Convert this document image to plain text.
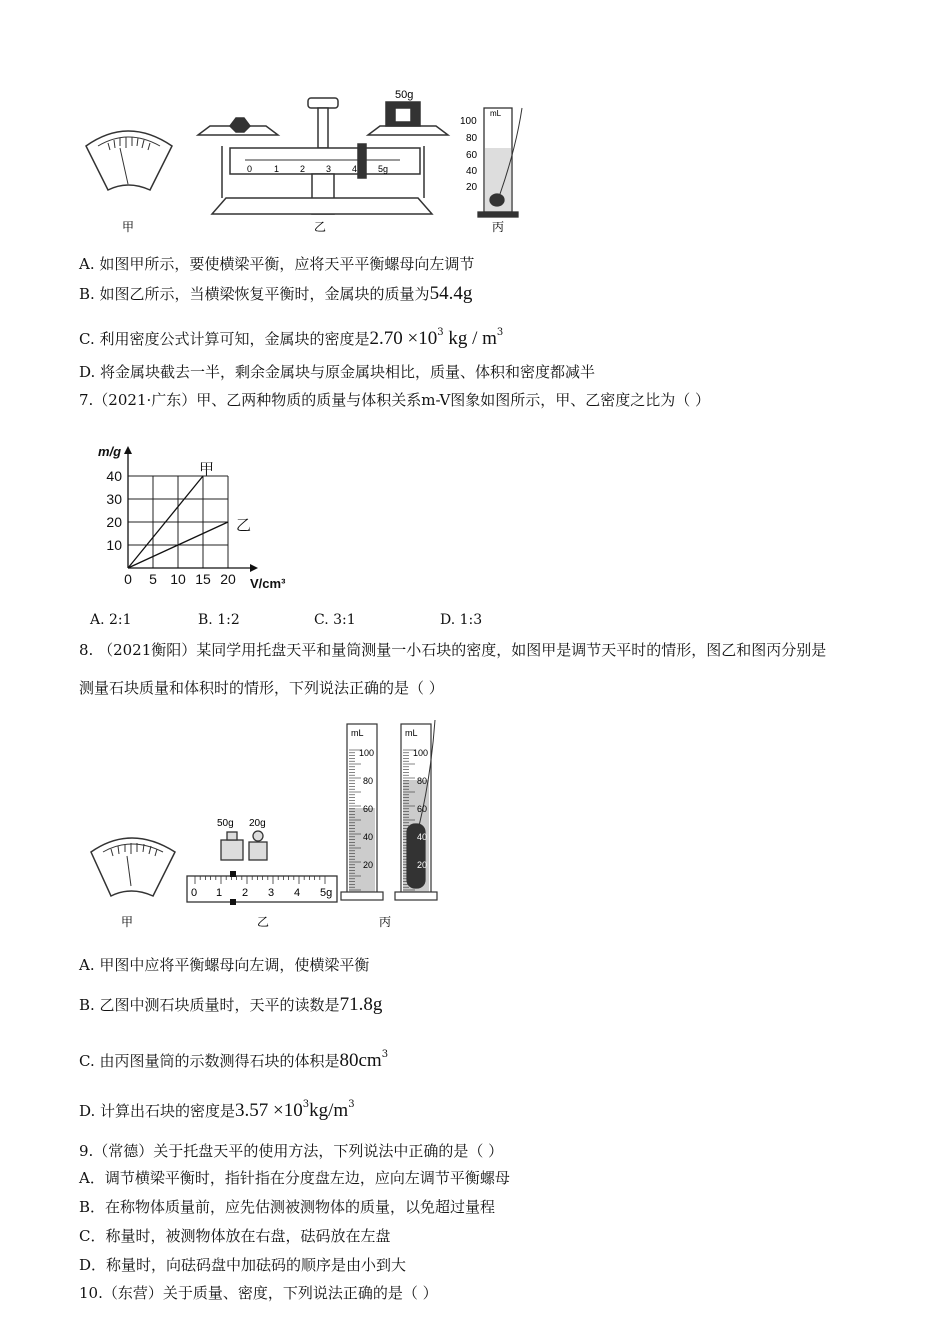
甲
50g
0 1 2 3 4 5g
乙
mL
100
80
60
40
20
丙
A. 如图甲所示，要使横梁平衡，应将天平平衡螺母向左调节
B. 如图乙所示，当横梁恢复平衡时，金属块的质量为54.4g
C. 利用密度公式计算可知，金属块的密度是$2.70 \times 10^3$ kg / $m^3$
D. 将金属块截去一半，剩余金属块与原金属块相比，质量、体积和密度都减半
7.（2021·广东）甲、乙两种物质的质量与体积关系m-V图象如图所示，甲、乙密度之比为（ ）
0 5 10 15 20
10
20
30
40
m/g
V/cm³
甲
乙
A. 2:1	B. 1:2	C. 3:1	D. 1:3
8. （2021衡阳）某同学用托盘天平和量筒测量一小石块的密度，如图甲是调节天平时的情形，图乙和图丙分别是
测量石块质量和体积时的情形，下列说法正确的是（ ）
甲
50g 20g
0 1 2 3 4 5g
乙
mL
100
80
60
40
20
mL
100
80
60
40
20
丙
A. 甲图中应将平衡螺母向左调，使横梁平衡
B. 乙图中测石块质量时，天平的读数是71.8g
C. 由丙图量筒的示数测得石块的体积是$80cm^3$
D. 计算出石块的密度是$3.57 \times 10^3kg/m^3$
9.（常德）关于托盘天平的使用方法，下列说法中正确的是（ ）
A．调节横梁平衡时，指针指在分度盘左边，应向左调节平衡螺母
B．在称物体质量前，应先估测被测物体的质量，以免超过量程
C．称量时，被测物体放在右盘，砝码放在左盘
D．称量时，向砝码盘中加砝码的顺序是由小到大
10.（东营）关于质量、密度，下列说法正确的是（ ）
